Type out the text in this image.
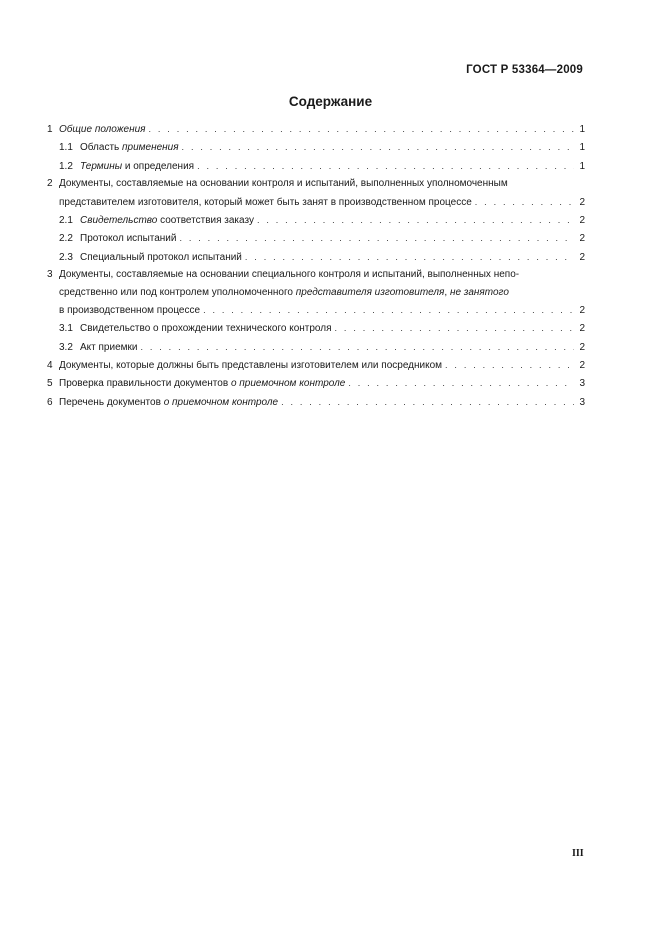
ГОСТ Р 53364—2009
Содержание
1 Общие положения . . .	1
1.1 Область применения . . .	1
1.2 Термины и определения . . .	1
2 Документы, составляемые на основании контроля и испытаний, выполненных уполномоченным
представителем изготовителя, который может быть занят в производственном процессе . . .	2
2.1 Свидетельство соответствия заказу . . .	2
2.2 Протокол испытаний . . .	2
2.3 Специальный протокол испытаний . . .	2
3 Документы, составляемые на основании специального контроля и испытаний, выполненных непо-
средственно или под контролем уполномоченного представителя изготовителя, не занятого
в производственном процессе . . .	2
3.1 Свидетельство о прохождении технического контроля . . .	2
3.2 Акт приемки . . .	2
4 Документы, которые должны быть представлены изготовителем или посредником . . .	2
5 Проверка правильности документов о приемочном контроле . . .	3
6 Перечень документов о приемочном контроле . . .	3
III
